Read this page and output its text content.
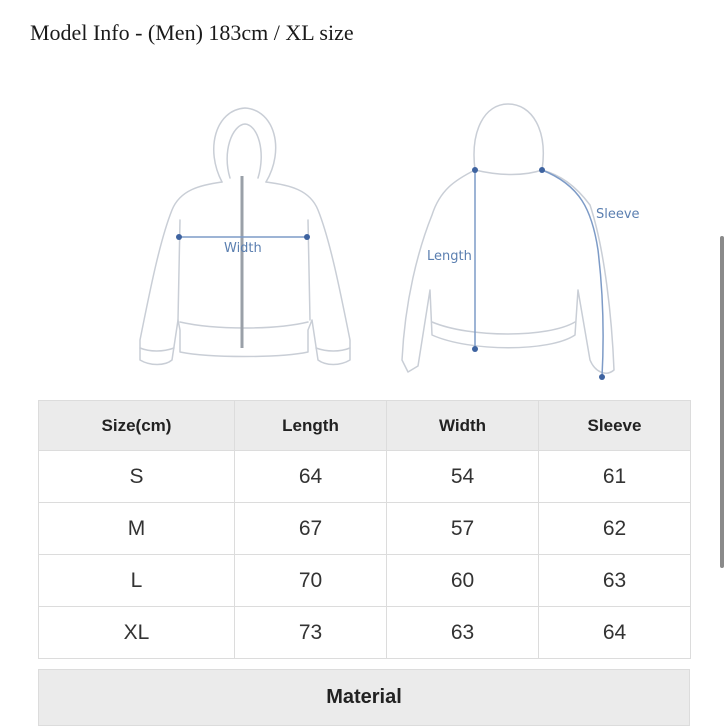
Model Info - (Men) 183cm / XL size
Width
Length
Sleeve
Size(cm)	Length	Width	Sleeve
S	64	54	61
M	67	57	62
L	70	60	63
XL	73	63	64
Material
